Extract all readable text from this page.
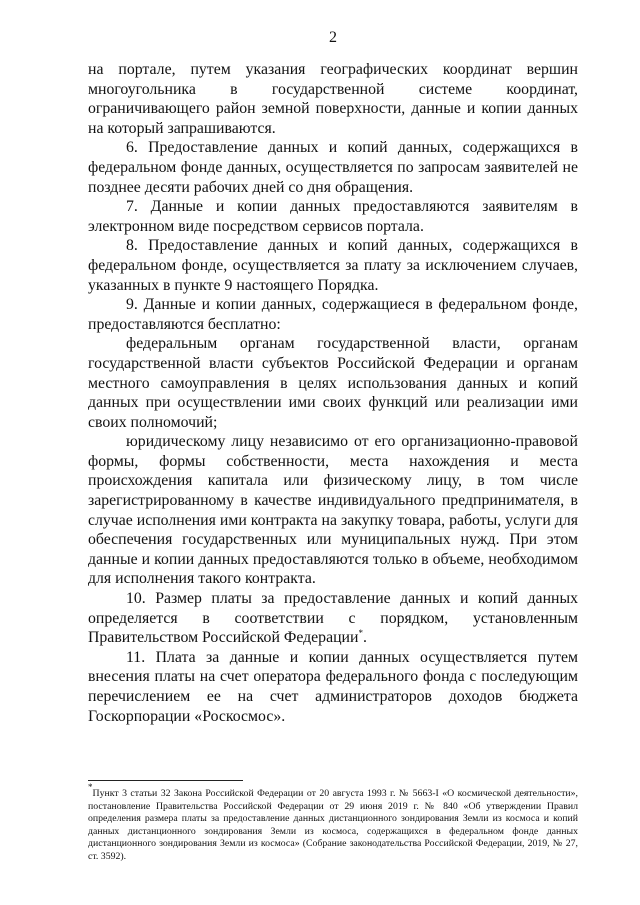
2

на портале, путем указания географических координат вершин многоугольника в государственной системе координат, ограничивающего район земной поверхности, данные и копии данных на который запрашиваются.

6. Предоставление данных и копий данных, содержащихся в федеральном фонде данных, осуществляется по запросам заявителей не позднее десяти рабочих дней со дня обращения.

7. Данные и копии данных предоставляются заявителям в электронном виде посредством сервисов портала.

8. Предоставление данных и копий данных, содержащихся в федеральном фонде, осуществляется за плату за исключением случаев, указанных в пункте 9 настоящего Порядка.

9. Данные и копии данных, содержащиеся в федеральном фонде, предоставляются бесплатно:

федеральным органам государственной власти, органам государственной власти субъектов Российской Федерации и органам местного самоуправления в целях использования данных и копий данных при осуществлении ими своих функций или реализации ими своих полномочий;

юридическому лицу независимо от его организационно-правовой формы, формы собственности, места нахождения и места происхождения капитала или физическому лицу, в том числе зарегистрированному в качестве индивидуального предпринимателя, в случае исполнения ими контракта на закупку товара, работы, услуги для обеспечения государственных или муниципальных нужд. При этом данные и копии данных предоставляются только в объеме, необходимом для исполнения такого контракта.

10. Размер платы за предоставление данных и копий данных определяется в соответствии с порядком, установленным Правительством Российской Федерации*.

11. Плата за данные и копии данных осуществляется путем внесения платы на счет оператора федерального фонда с последующим перечислением ее на счет администраторов доходов бюджета Госкорпорации «Роскосмос».

*Пункт 3 статьи 32 Закона Российской Федерации от 20 августа 1993 г. № 5663-I «О космической деятельности», постановление Правительства Российской Федерации от 29 июня 2019 г. № 840 «Об утверждении Правил определения размера платы за предоставление данных дистанционного зондирования Земли из космоса и копий данных дистанционного зондирования Земли из космоса, содержащихся в федеральном фонде данных дистанционного зондирования Земли из космоса» (Собрание законодательства Российской Федерации, 2019, № 27, ст. 3592).
